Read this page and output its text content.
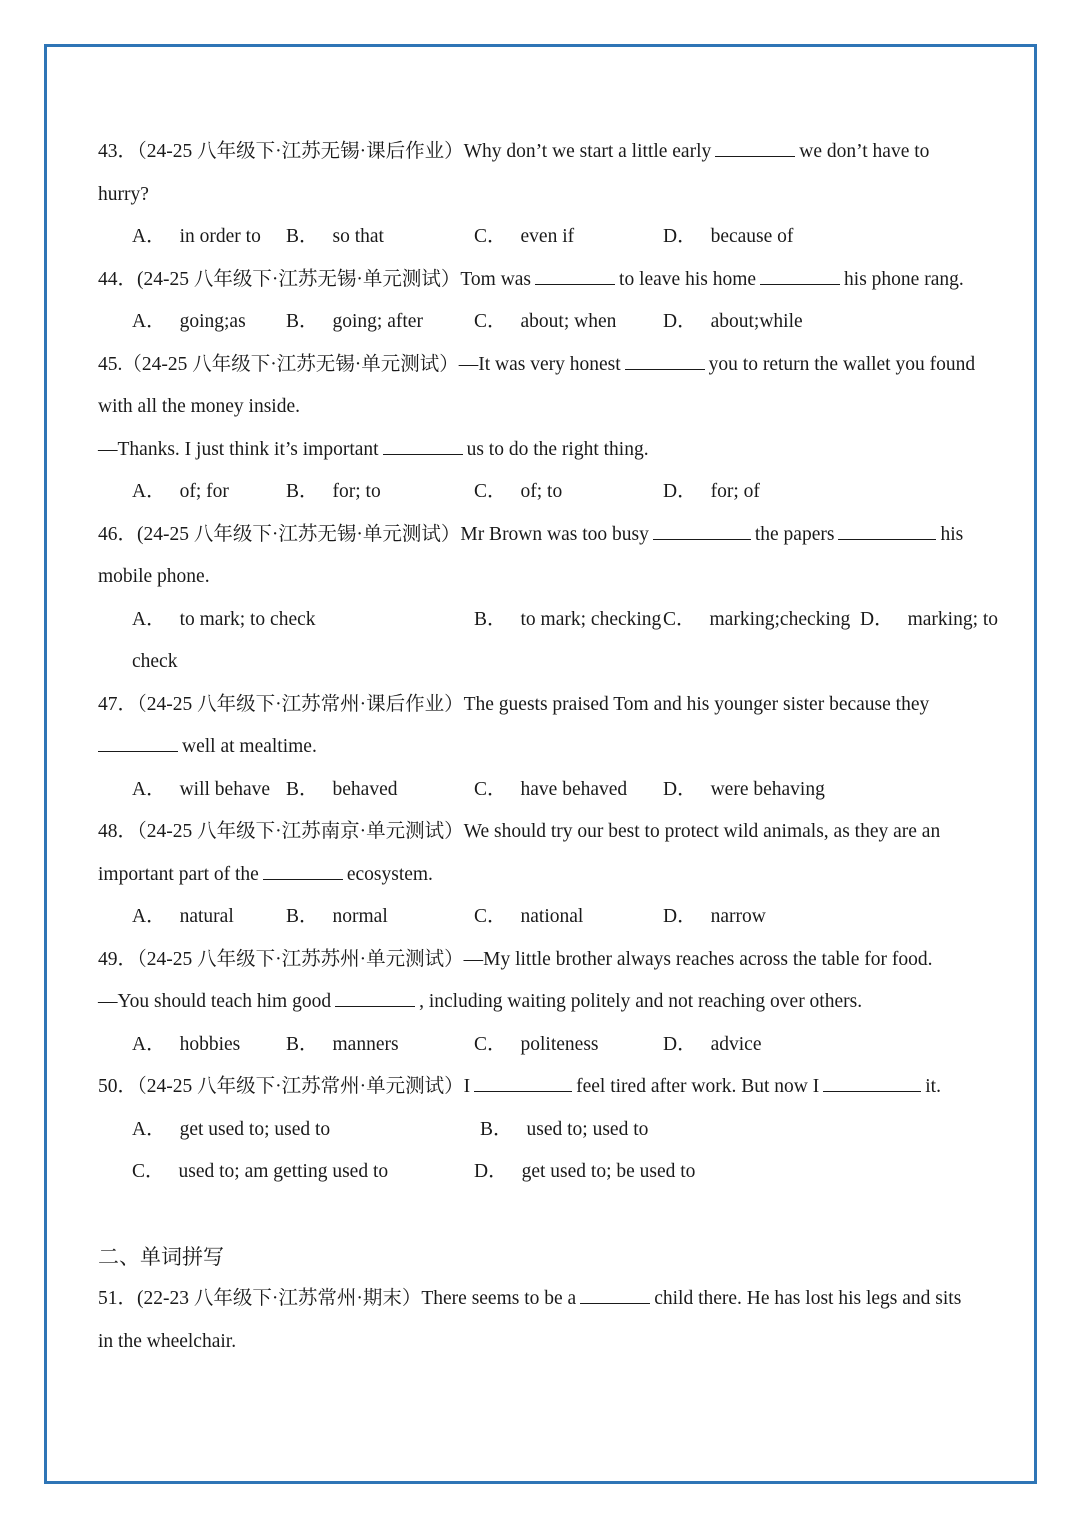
43．（24-25 八年级下·江苏无锡·课后作业）Why don’t we start a little early	we don’t have to
hurry?
A． in order to B． so that	C． even if	D． because of
44．(24-25 八年级下·江苏无锡·单元测试）Tom was	to leave his home	his phone rang.
A． going;as B． going; after	C． about; when D． about;while
45.（24-25 八年级下·江苏无锡·单元测试）—It was very honest	you to return the wallet you found
with all the money inside.
—Thanks. I just think it’s important	us to do the right thing.
A． of; for	B． for; to	C． of; to	D． for; of
46．(24-25 八年级下·江苏无锡·单元测试）Mr Brown was too busy	the papers	his
mobile phone.
A． to mark; to check	B． to mark; checking C． marking;checking D． marking; to
check
47．（24-25 八年级下·江苏常州·课后作业）The guests praised Tom and his younger sister because they
well at mealtime.
A． will behave B． behaved	C． have behaved D． were behaving
48．（24-25 八年级下·江苏南京·单元测试）We should try our best to protect wild animals, as they are an
important part of the	ecosystem.
A． natural	B． normal	C． national	D． narrow
49．（24-25 八年级下·江苏苏州·单元测试）—My little brother always reaches across the table for food.
—You should teach him good	, including waiting politely and not reaching over others.
A． hobbies B． manners	C． politeness	D． advice
50．（24-25 八年级下·江苏常州·单元测试）I	feel tired after work. But now I	it.
A． get used to; used to	B． used to; used to
C． used to; am getting used to	D． get used to; be used to
二、单词拼写
51．(22-23 八年级下·江苏常州·期末）There seems to be a	child there. He has lost his legs and sits
in the wheelchair.
